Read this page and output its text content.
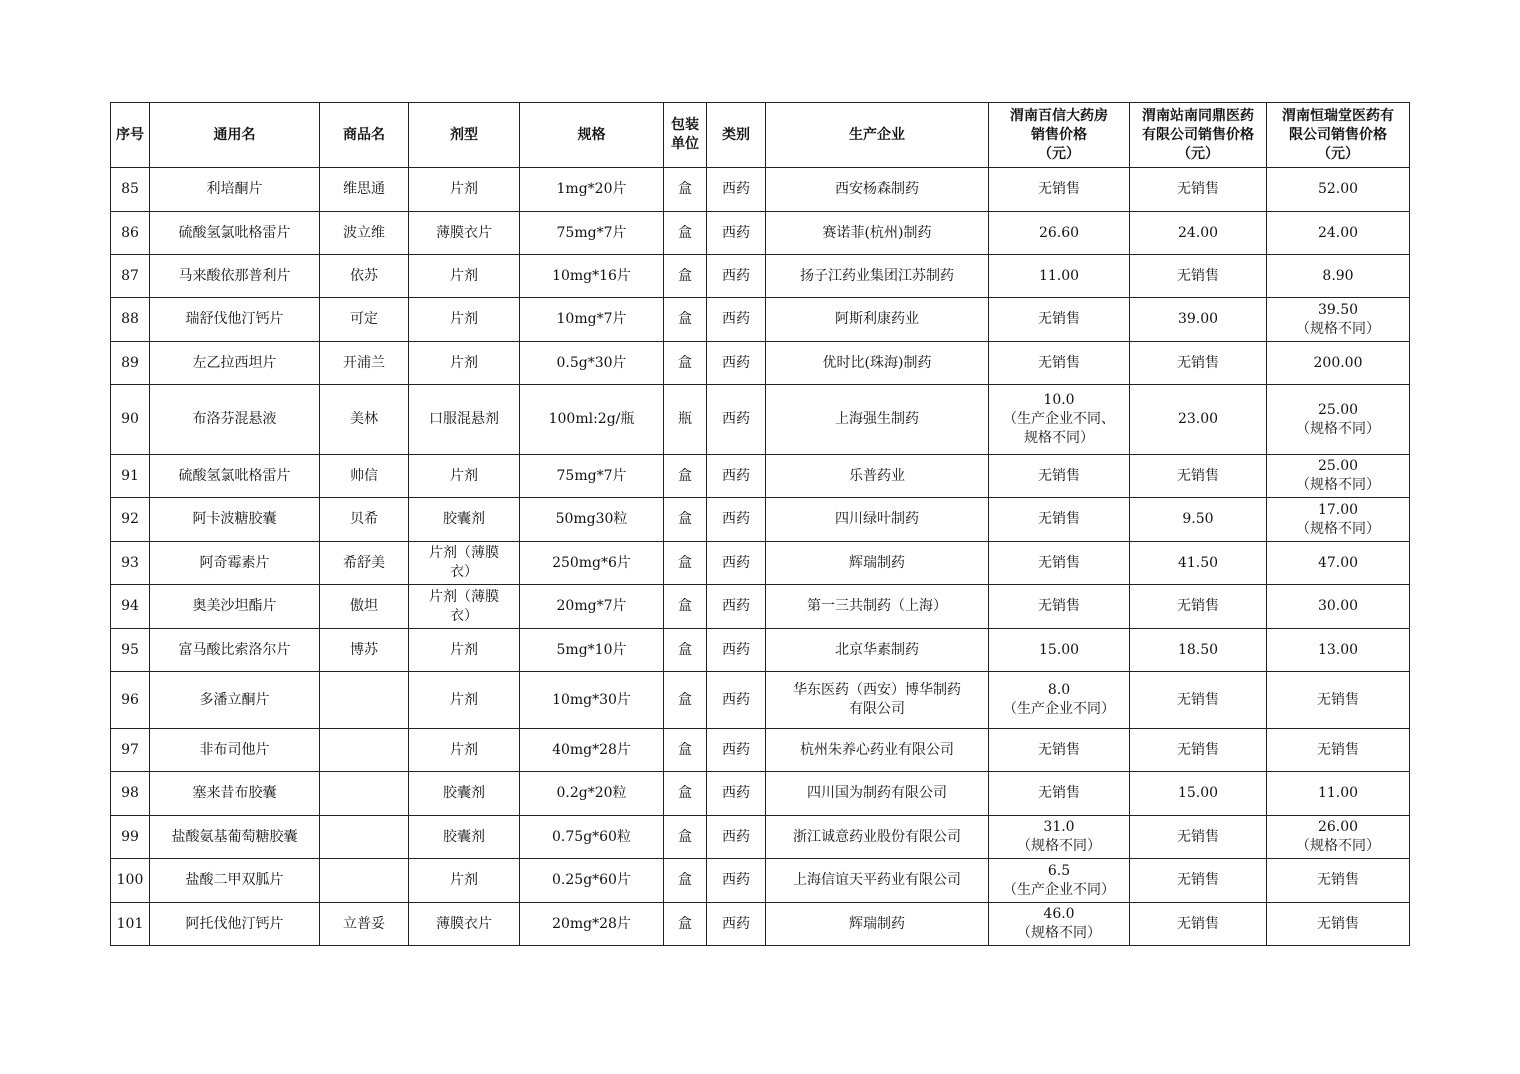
序号	通用名	商品名	剂型	规格	包装
单位	类别	生产企业	渭南百信大药房
销售价格
（元）	渭南站南同鼎医药
有限公司销售价格
（元）	渭南恒瑞堂医药有
限公司销售价格
（元）
85	利培酮片	维思通	片剂	1mg*20片	盒	西药	西安杨森制药	无销售	无销售	52.00
86	硫酸氢氯吡格雷片	波立维	薄膜衣片	75mg*7片	盒	西药	赛诺菲(杭州)制药	26.60	24.00	24.00
87	马来酸依那普利片	依苏	片剂	10mg*16片	盒	西药	扬子江药业集团江苏制药	11.00	无销售	8.90
88	瑞舒伐他汀钙片	可定	片剂	10mg*7片	盒	西药	阿斯利康药业	无销售	39.00	39.50
（规格不同）
89	左乙拉西坦片	开浦兰	片剂	0.5g*30片	盒	西药	优时比(珠海)制药	无销售	无销售	200.00
90	布洛芬混悬液	美林	口服混悬剂	100ml:2g/瓶	瓶	西药	上海强生制药	10.0
（生产企业不同、
规格不同）	23.00	25.00
（规格不同）
91	硫酸氢氯吡格雷片	帅信	片剂	75mg*7片	盒	西药	乐普药业	无销售	无销售	25.00
（规格不同）
92	阿卡波糖胶囊	贝希	胶囊剂	50mg30粒	盒	西药	四川绿叶制药	无销售	9.50	17.00
（规格不同）
93	阿奇霉素片	希舒美	片剂（薄膜
衣）	250mg*6片	盒	西药	辉瑞制药	无销售	41.50	47.00
94	奥美沙坦酯片	傲坦	片剂（薄膜
衣）	20mg*7片	盒	西药	第一三共制药（上海）	无销售	无销售	30.00
95	富马酸比索洛尔片	博苏	片剂	5mg*10片	盒	西药	北京华素制药	15.00	18.50	13.00
96	多潘立酮片		片剂	10mg*30片	盒	西药	华东医药（西安）博华制药
有限公司	8.0
（生产企业不同）	无销售	无销售
97	非布司他片		片剂	40mg*28片	盒	西药	杭州朱养心药业有限公司	无销售	无销售	无销售
98	塞来昔布胶囊		胶囊剂	0.2g*20粒	盒	西药	四川国为制药有限公司	无销售	15.00	11.00
99	盐酸氨基葡萄糖胶囊		胶囊剂	0.75g*60粒	盒	西药	浙江诚意药业股份有限公司	31.0
（规格不同）	无销售	26.00
（规格不同）
100	盐酸二甲双胍片		片剂	0.25g*60片	盒	西药	上海信谊天平药业有限公司	6.5
（生产企业不同）	无销售	无销售
101	阿托伐他汀钙片	立普妥	薄膜衣片	20mg*28片	盒	西药	辉瑞制药	46.0
（规格不同）	无销售	无销售
